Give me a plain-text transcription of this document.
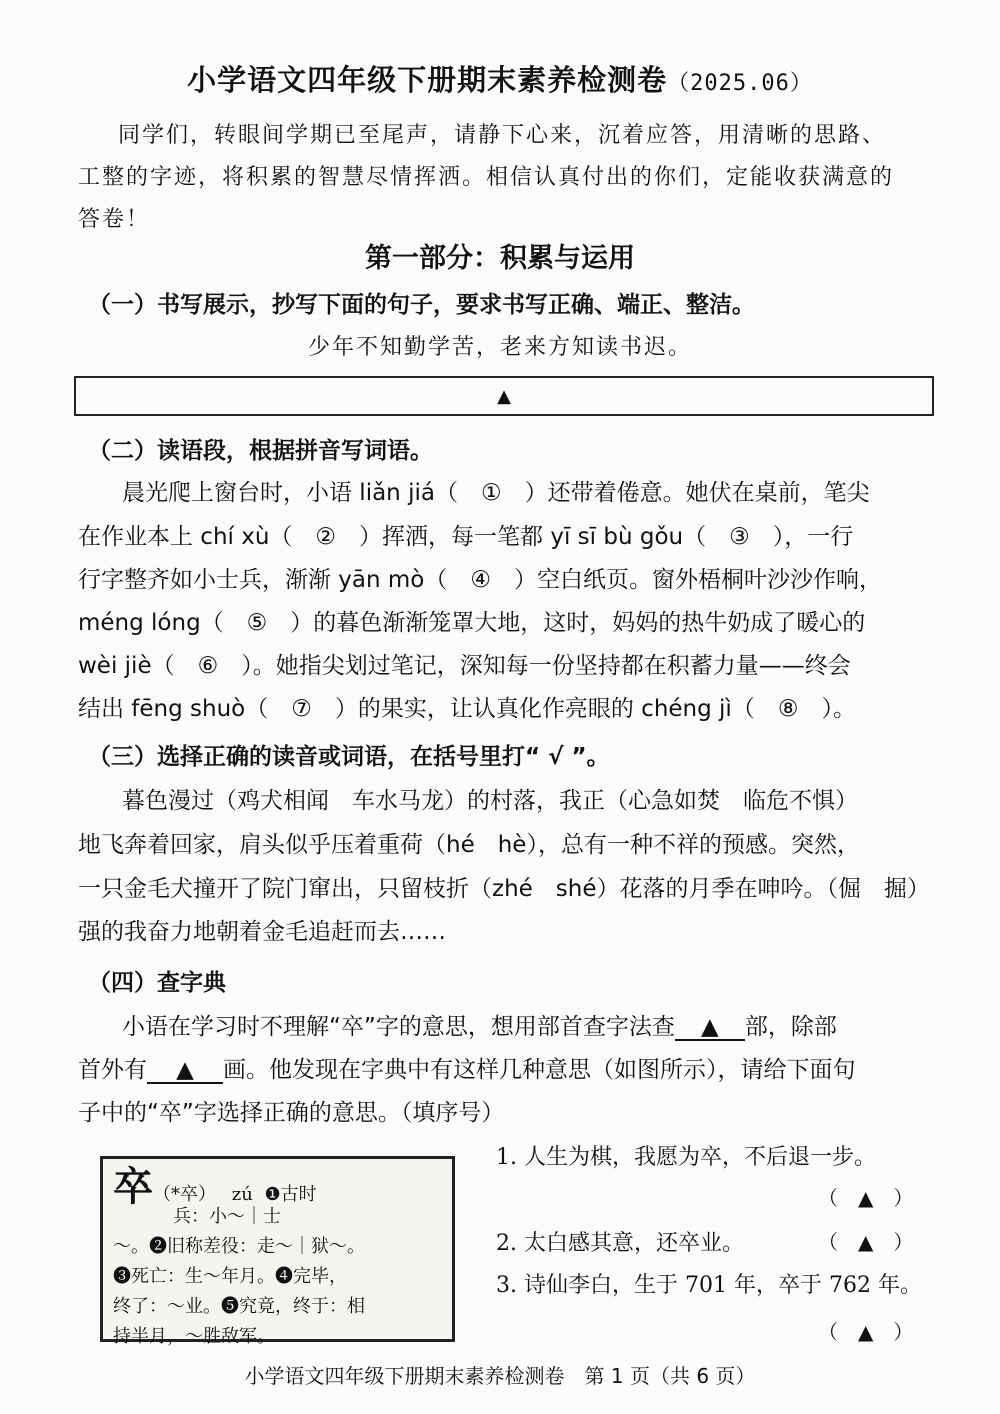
小学语文四年级下册期末素养检测卷（2025.06）
同学们，转眼间学期已至尾声，请静下心来，沉着应答，用清晰的思路、
工整的字迹，将积累的智慧尽情挥洒。相信认真付出的你们，定能收获满意的
答卷！
第一部分：积累与运用
（一）书写展示，抄写下面的句子，要求书写正确、端正、整洁。
少年不知勤学苦，老来方知读书迟。
▲
（二）读语段，根据拼音写词语。
晨光爬上窗台时，小语 liǎn jiá（　①　）还带着倦意。她伏在桌前，笔尖
在作业本上 chí xù（　②　）挥洒，每一笔都 yī sī bù gǒu（　③　），一行
行字整齐如小士兵，渐渐 yān mò（　④　）空白纸页。窗外梧桐叶沙沙作响，
méng lóng（　⑤　）的暮色渐渐笼罩大地，这时，妈妈的热牛奶成了暖心的
wèi jiè（　⑥　）。她指尖划过笔记，深知每一份坚持都在积蓄力量——终会
结出 fēng shuò（　⑦　）的果实，让认真化作亮眼的 chéng jì（　⑧　）。
（三）选择正确的读音或词语，在括号里打“ √ ”。
暮色漫过（鸡犬相闻　车水马龙）的村落，我正（心急如焚　临危不惧）
地飞奔着回家，肩头似乎压着重荷（hé　hè），总有一种不祥的预感。突然，
一只金毛犬撞开了院门窜出，只留枝折（zhé　shé）花落的月季在呻吟。（倔　掘）
强的我奋力地朝着金毛追赶而去……
（四）查字典
小语在学习时不理解“卒”字的意思，想用部首查字法查 ▲ 部，除部
首外有 ▲ 画。他发现在字典中有这样几种意思（如图所示），请给下面句
子中的“卒”字选择正确的意思。（填序号）
卒（*卒） zú ❶古时
兵：小～｜士
～。❷旧称差役：走～｜狱～。
❸死亡：生～年月。❹完毕，
终了：～业。❺究竟，终于：相
持半月，～胜敌军。
1. 人生为棋，我愿为卒，不后退一步。
（　▲　）
2. 太白感其意，还卒业。	（　▲　）
3. 诗仙李白，生于 701 年，卒于 762 年。
（　▲　）
小学语文四年级下册期末素养检测卷　第 1 页（共 6 页）
